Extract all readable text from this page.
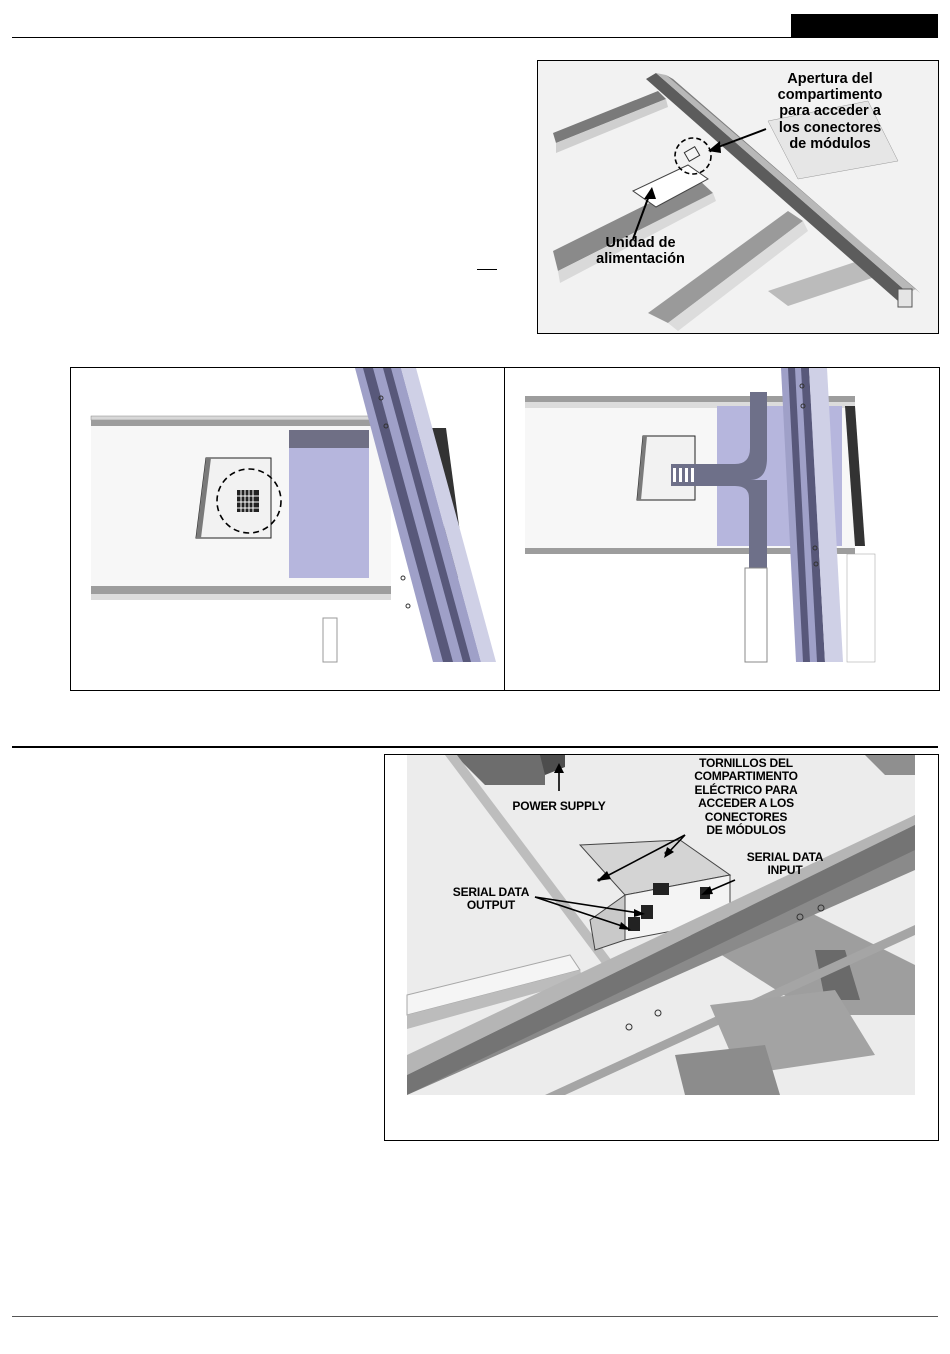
Apertura del
compartimento
para acceder a
los conectores
de módulos
Unidad de
alimentación
TORNILLOS DEL
COMPARTIMENTO
ELÉCTRICO PARA
ACCEDER A LOS
CONECTORES
DE MÓDULOS
POWER SUPPLY
SERIAL DATA
INPUT
SERIAL DATA
OUTPUT
